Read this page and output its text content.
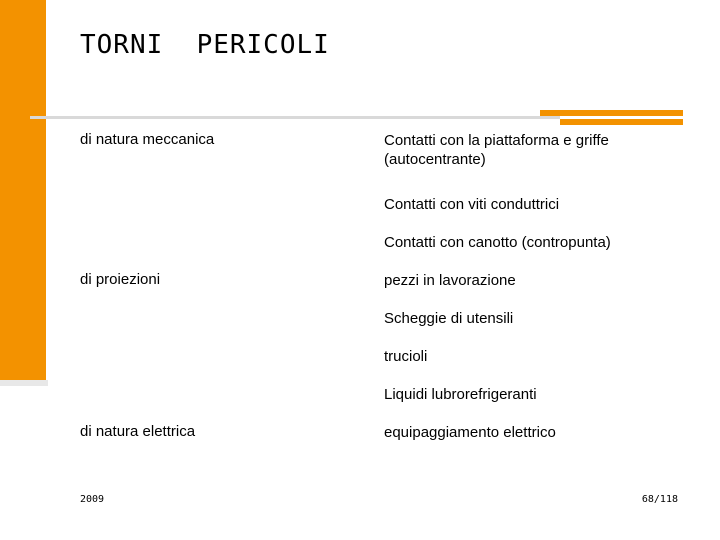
TORNI  PERICOLI
di natura meccanica
di proiezioni
di natura elettrica
Contatti con la piattaforma e griffe (autocentrante)
Contatti con viti conduttrici
Contatti con canotto (contropunta)
pezzi in lavorazione
Scheggie di utensili
trucioli
Liquidi lubrorefrigeranti
equipaggiamento elettrico
2009	68/118
